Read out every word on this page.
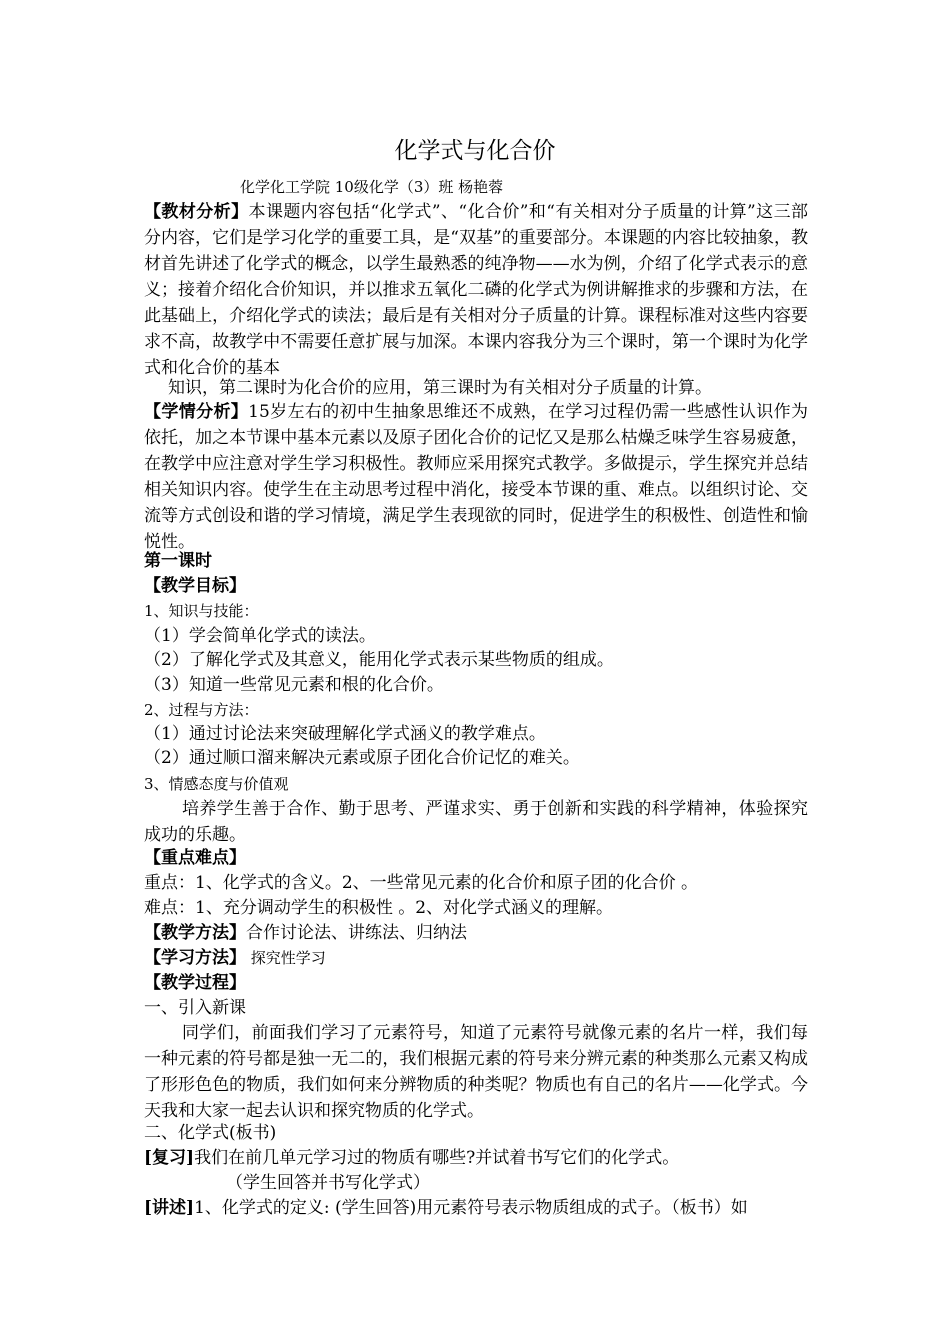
化学式与化合价
化学化工学院 10级化学（3）班 杨艳蓉
【教材分析】本课题内容包括“化学式”、“化合价”和“有关相对分子质量的计算”这三部分内容，它们是学习化学的重要工具，是“双基”的重要部分。本课题的内容比较抽象，教材首先讲述了化学式的概念，以学生最熟悉的纯净物——水为例，介绍了化学式表示的意义；接着介绍化合价知识，并以推求五氧化二磷的化学式为例讲解推求的步骤和方法，在此基础上，介绍化学式的读法；最后是有关相对分子质量的计算。课程标准对这些内容要求不高，故教学中不需要任意扩展与加深。本课内容我分为三个课时，第一个课时为化学式和化合价的基本
知识，第二课时为化合价的应用，第三课时为有关相对分子质量的计算。
【学情分析】15岁左右的初中生抽象思维还不成熟，在学习过程仍需一些感性认识作为依托，加之本节课中基本元素以及原子团化合价的记忆又是那么枯燥乏味学生容易疲惫，在教学中应注意对学生学习积极性。教师应采用探究式教学。多做提示，学生探究并总结相关知识内容。使学生在主动思考过程中消化，接受本节课的重、难点。以组织讨论、交流等方式创设和谐的学习情境，满足学生表现欲的同时，促进学生的积极性、创造性和愉悦性。
第一课时
【教学目标】
1、知识与技能：
（1）学会简单化学式的读法。
（2）了解化学式及其意义，能用化学式表示某些物质的组成。
（3）知道一些常见元素和根的化合价。
2、过程与方法：
（1）通过讨论法来突破理解化学式涵义的教学难点。
（2）通过顺口溜来解决元素或原子团化合价记忆的难关。
3、情感态度与价值观
培养学生善于合作、勤于思考、严谨求实、勇于创新和实践的科学精神，体验探究成功的乐趣。
【重点难点】
重点：1、化学式的含义。2、一些常见元素的化合价和原子团的化合价 。
难点：1、充分调动学生的积极性 。2、对化学式涵义的理解。
【教学方法】合作讨论法、讲练法、归纳法
【学习方法】 探究性学习
【教学过程】
一、引入新课
同学们，前面我们学习了元素符号，知道了元素符号就像元素的名片一样，我们每一种元素的符号都是独一无二的，我们根据元素的符号来分辨元素的种类那么元素又构成了形形色色的物质，我们如何来分辨物质的种类呢？物质也有自己的名片——化学式。今天我和大家一起去认识和探究物质的化学式。
二、化学式(板书)
[复习]我们在前几单元学习过的物质有哪些?并试着书写它们的化学式。
（学生回答并书写化学式）
[讲述]1、化学式的定义: (学生回答)用元素符号表示物质组成的式子。（板书）如
